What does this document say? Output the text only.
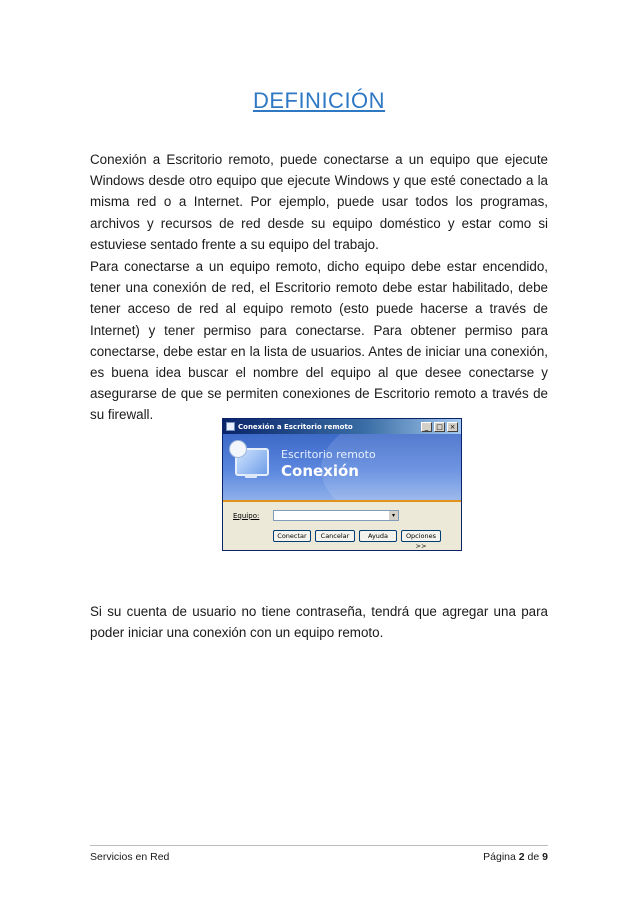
DEFINICIÓN

Conexión a Escritorio remoto, puede conectarse a un equipo que ejecute Windows desde otro equipo que ejecute Windows y que esté conectado a la misma red o a Internet. Por ejemplo, puede usar todos los programas, archivos y recursos de red desde su equipo doméstico y estar como si estuviese sentado frente a su equipo del trabajo.

Para conectarse a un equipo remoto, dicho equipo debe estar encendido, tener una conexión de red, el Escritorio remoto debe estar habilitado, debe tener acceso de red al equipo remoto (esto puede hacerse a través de Internet) y tener permiso para conectarse. Para obtener permiso para conectarse, debe estar en la lista de usuarios. Antes de iniciar una conexión, es buena idea buscar el nombre del equipo al que desee conectarse y asegurarse de que se permiten conexiones de Escritorio remoto a través de su firewall.

Conexión a Escritorio remoto	_	□ ×
Escritorio remoto
Conexión
Equipo:	▾
Conectar	Cancelar	Ayuda	Opciones >>

Si su cuenta de usuario no tiene contraseña, tendrá que agregar una para poder iniciar una conexión con un equipo remoto.

Servicios en Red	Página 2 de 9
